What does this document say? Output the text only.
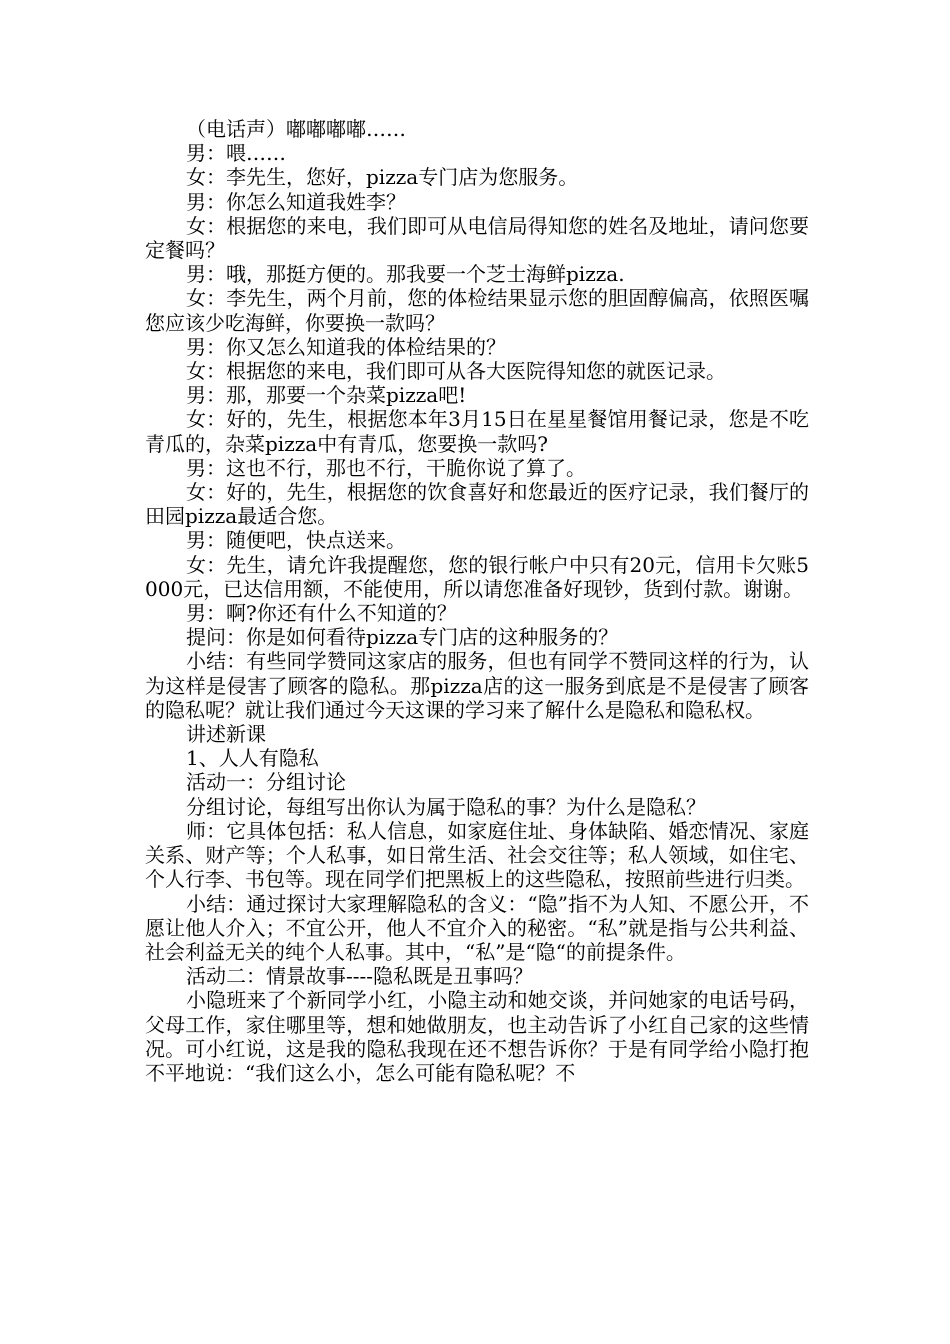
（电话声）嘟嘟嘟嘟……

男：喂……

女：李先生，您好，pizza专门店为您服务。

男：你怎么知道我姓李？

女：根据您的来电，我们即可从电信局得知您的姓名及地址，请问您要定餐吗？

男：哦，那挺方便的。那我要一个芝士海鲜pizza.

女：李先生，两个月前，您的体检结果显示您的胆固醇偏高，依照医嘱您应该少吃海鲜，你要换一款吗？

男：你又怎么知道我的体检结果的？

女：根据您的来电，我们即可从各大医院得知您的就医记录。

男：那，那要一个杂菜pizza吧!

女：好的，先生，根据您本年3月15日在星星餐馆用餐记录，您是不吃青瓜的，杂菜pizza中有青瓜，您要换一款吗?

男：这也不行，那也不行，干脆你说了算了。

女：好的，先生，根据您的饮食喜好和您最近的医疗记录，我们餐厅的田园pizza最适合您。

男：随便吧，快点送来。

女：先生，请允许我提醒您，您的银行帐户中只有20元，信用卡欠账5000元，已达信用额，不能使用，所以请您准备好现钞，货到付款。谢谢。

男：啊?你还有什么不知道的？

提问：你是如何看待pizza专门店的这种服务的？

小结：有些同学赞同这家店的服务，但也有同学不赞同这样的行为，认为这样是侵害了顾客的隐私。那pizza店的这一服务到底是不是侵害了顾客的隐私呢？就让我们通过今天这课的学习来了解什么是隐私和隐私权。

讲述新课

1、人人有隐私

活动一：分组讨论

分组讨论，每组写出你认为属于隐私的事？为什么是隐私？

师：它具体包括：私人信息，如家庭住址、身体缺陷、婚恋情况、家庭关系、财产等；个人私事，如日常生活、社会交往等；私人领域，如住宅、个人行李、书包等。现在同学们把黑板上的这些隐私，按照前些进行归类。

小结：通过探讨大家理解隐私的含义：“隐”指不为人知、不愿公开，不愿让他人介入；不宜公开，他人不宜介入的秘密。“私”就是指与公共利益、社会利益无关的纯个人私事。其中，“私”是“隐“的前提条件。

活动二：情景故事----隐私既是丑事吗？

小隐班来了个新同学小红，小隐主动和她交谈，并问她家的电话号码，父母工作，家住哪里等，想和她做朋友，也主动告诉了小红自己家的这些情况。可小红说，这是我的隐私我现在还不想告诉你？于是有同学给小隐打抱不平地说：“我们这么小，怎么可能有隐私呢？不
